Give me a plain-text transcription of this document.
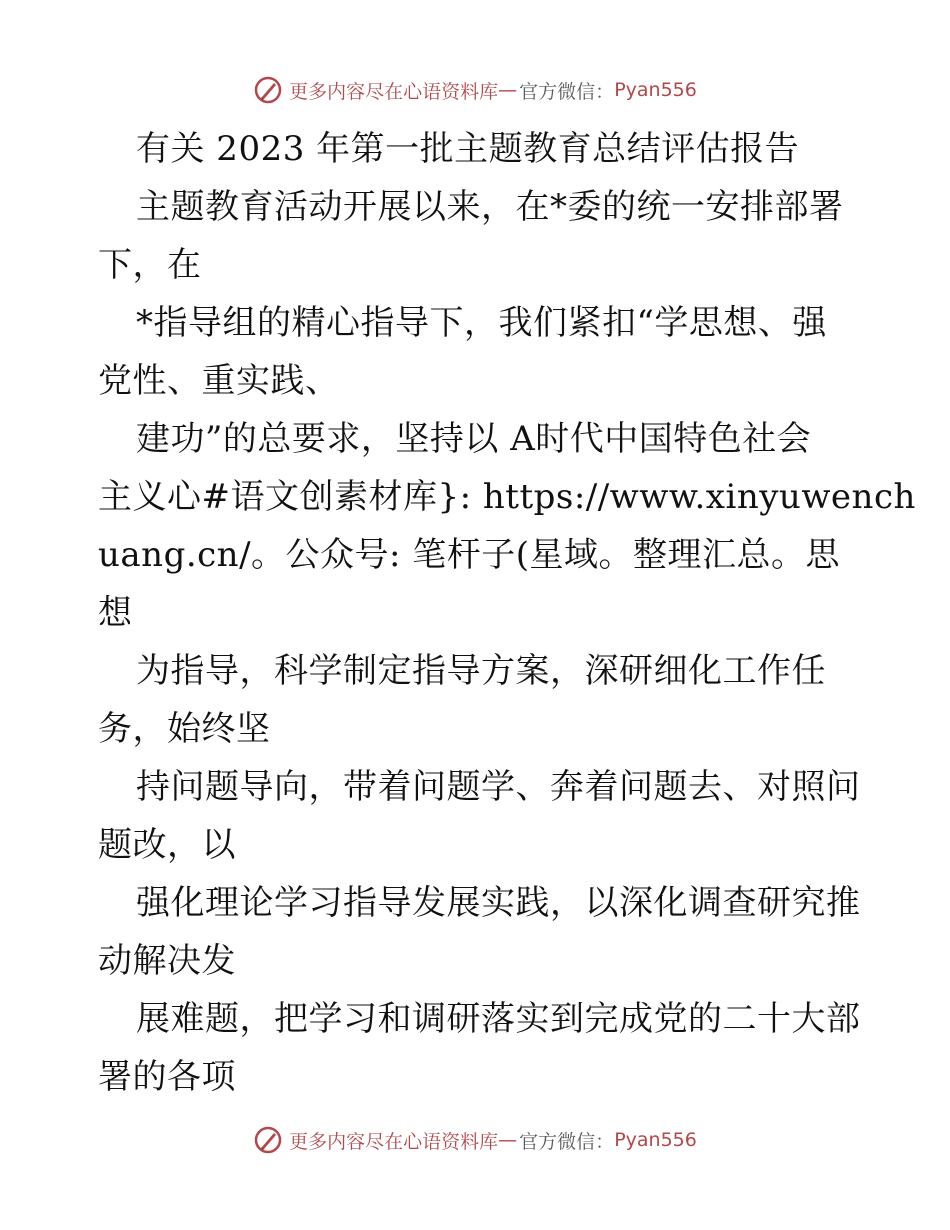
更多内容尽在心语资料库 — 官方微信： Pyan556
有关 2023 年第一批主题教育总结评估报告
主题教育活动开展以来，在*委的统一安排部署
下，在
*指导组的精心指导下，我们紧扣“学思想、强
党性、重实践、
建功”的总要求，坚持以 A时代中国特色社会
主义心#语文创素材库}: https://www.xinyuwench
uang.cn/。公众号: 笔杆子(星域。整理汇总。思
想
为指导，科学制定指导方案，深研细化工作任
务，始终坚
持问题导向，带着问题学、奔着问题去、对照问
题改，以
强化理论学习指导发展实践，以深化调查研究推
动解决发
展难题，把学习和调研落实到完成党的二十大部
署的各项
更多内容尽在心语资料库 — 官方微信： Pyan556
